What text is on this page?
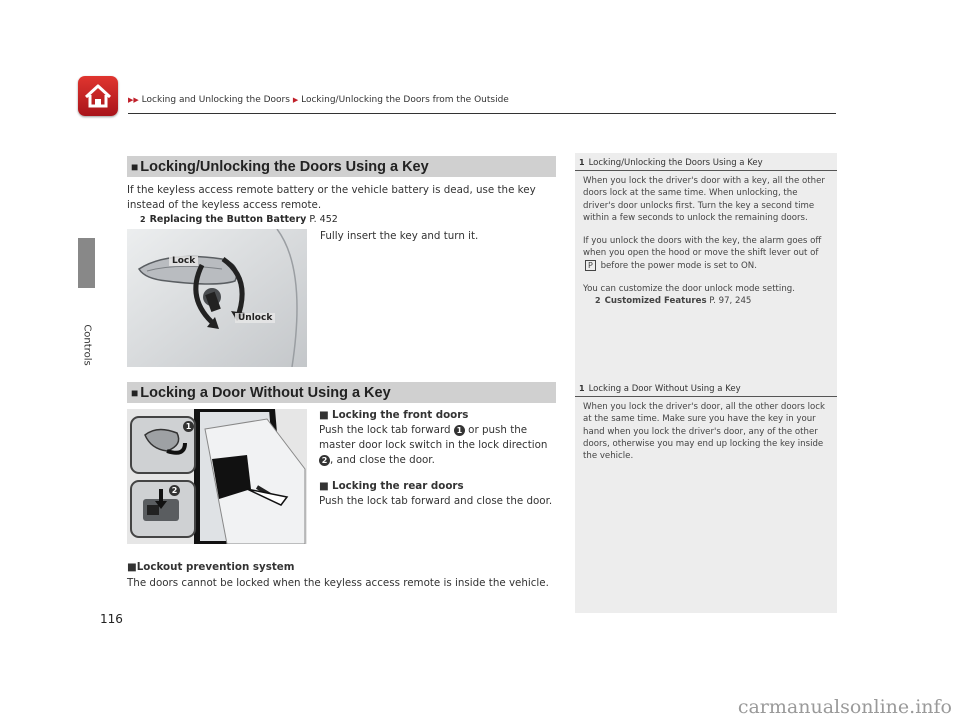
▶▶ Locking and Unlocking the Doors ▶ Locking/Unlocking the Doors from the Outside
Controls
■ Locking/Unlocking the Doors Using a Key
If the keyless access remote battery or the vehicle battery is dead, use the key instead of the keyless access remote.
2 Replacing the Button Battery P. 452
Fully insert the key and turn it.
Lock
Unlock
■ Locking a Door Without Using a Key
1
2
■ Locking the front doors
Push the lock tab forward 1 or push the master door lock switch in the lock direction
2 , and close the door.
■ Locking the rear doors
Push the lock tab forward and close the door.
■Lockout prevention system
The doors cannot be locked when the keyless access remote is inside the vehicle.
1 Locking/Unlocking the Doors Using a Key
When you lock the driver's door with a key, all the other doors lock at the same time. When unlocking, the driver's door unlocks first. Turn the key a second time within a few seconds to unlock the remaining doors.
If you unlock the doors with the key, the alarm goes off when you open the hood or move the shift lever out of P before the power mode is set to ON.
You can customize the door unlock mode setting.
2 Customized Features P. 97, 245
1 Locking a Door Without Using a Key
When you lock the driver's door, all the other doors lock at the same time. Make sure you have the key in your hand when you lock the driver's door, any of the other doors, otherwise you may end up locking the key inside the vehicle.
116
carmanualsonline.info
